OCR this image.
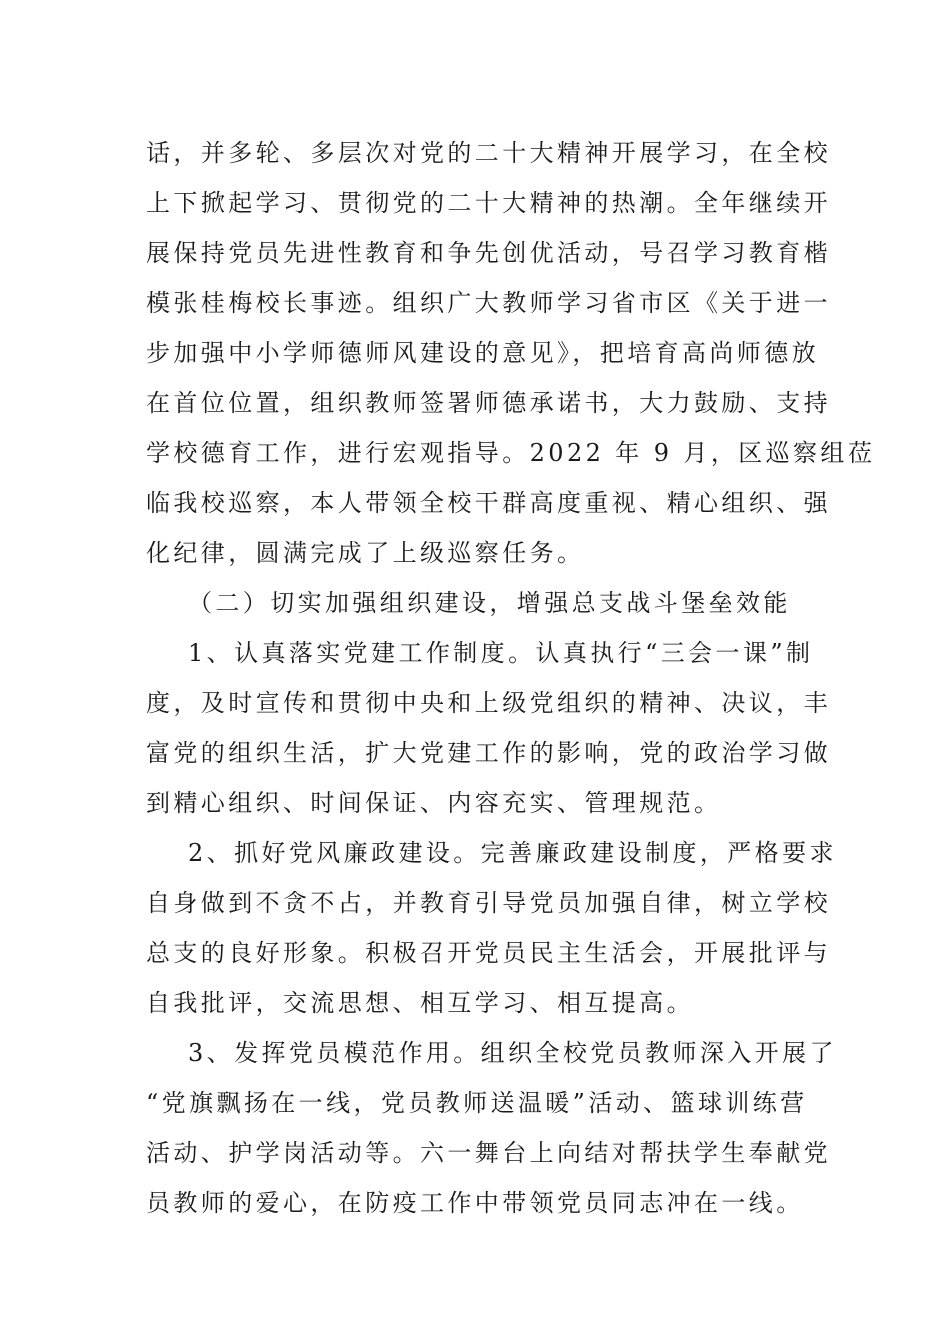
话，并多轮、多层次对党的二十大精神开展学习，在全校

上下掀起学习、贯彻党的二十大精神的热潮。全年继续开

展保持党员先进性教育和争先创优活动，号召学习教育楷

模张桂梅校长事迹。组织广大教师学习省市区《关于进一

步加强中小学师德师风建设的意见》，把培育高尚师德放

在首位位置，组织教师签署师德承诺书，大力鼓励、支持

学校德育工作，进行宏观指导。2022 年 9 月，区巡察组莅

临我校巡察，本人带领全校干群高度重视、精心组织、强

化纪律，圆满完成了上级巡察任务。

（二）切实加强组织建设，增强总支战斗堡垒效能

1、认真落实党建工作制度。认真执行“三会一课”制

度，及时宣传和贯彻中央和上级党组织的精神、决议，丰

富党的组织生活，扩大党建工作的影响，党的政治学习做

到精心组织、时间保证、内容充实、管理规范。

2、抓好党风廉政建设。完善廉政建设制度，严格要求

自身做到不贪不占，并教育引导党员加强自律，树立学校

总支的良好形象。积极召开党员民主生活会，开展批评与

自我批评，交流思想、相互学习、相互提高。

3、发挥党员模范作用。组织全校党员教师深入开展了

“党旗飘扬在一线，党员教师送温暖”活动、篮球训练营

活动、护学岗活动等。六一舞台上向结对帮扶学生奉献党

员教师的爱心，在防疫工作中带领党员同志冲在一线。
